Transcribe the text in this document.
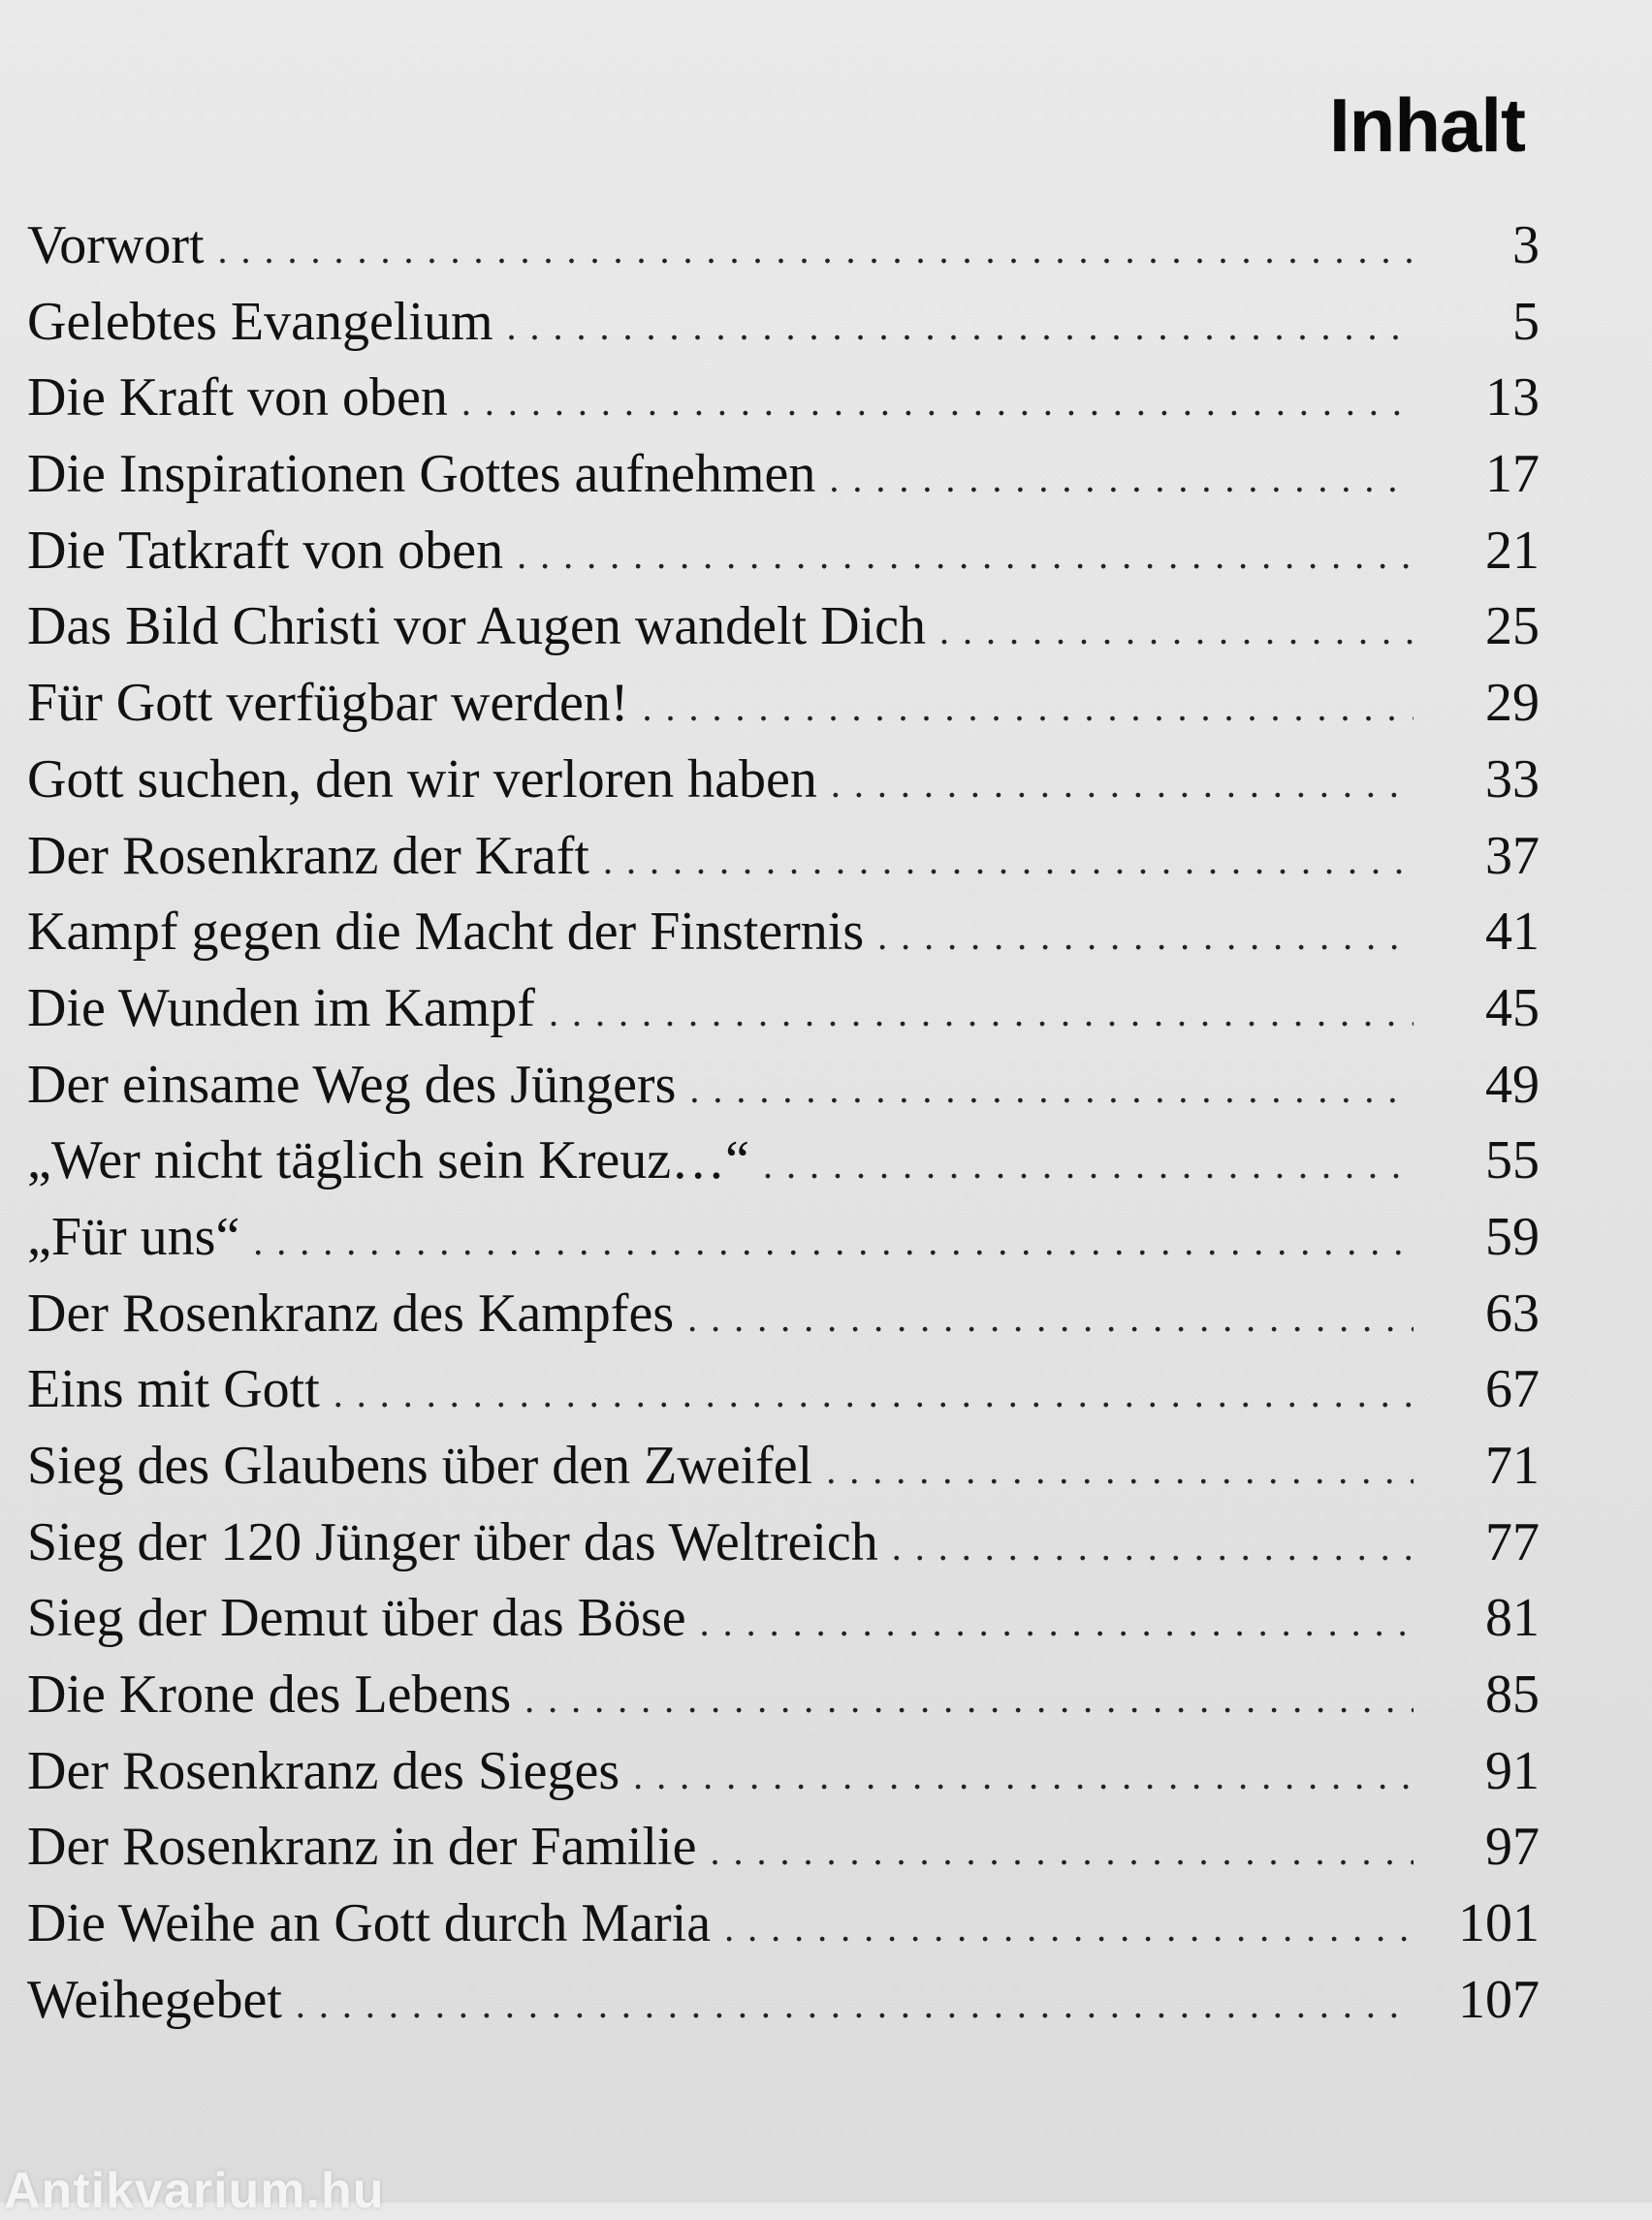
Inhalt
Vorwort . . .	3
Gelebtes Evangelium . . .	5
Die Kraft von oben . . .	13
Die Inspirationen Gottes aufnehmen . . .	17
Die Tatkraft von oben . . .	21
Das Bild Christi vor Augen wandelt Dich . . .	25
Für Gott verfügbar werden! . . .	29
Gott suchen, den wir verloren haben . . .	33
Der Rosenkranz der Kraft . . .	37
Kampf gegen die Macht der Finsternis . . .	41
Die Wunden im Kampf . . .	45
Der einsame Weg des Jüngers . . .	49
„Wer nicht täglich sein Kreuz…“ . . .	55
„Für uns“ . . .	59
Der Rosenkranz des Kampfes . . .	63
Eins mit Gott . . .	67
Sieg des Glaubens über den Zweifel . . .	71
Sieg der 120 Jünger über das Weltreich . . .	77
Sieg der Demut über das Böse . . .	81
Die Krone des Lebens . . .	85
Der Rosenkranz des Sieges . . .	91
Der Rosenkranz in der Familie . . .	97
Die Weihe an Gott durch Maria . . .	101
Weihegebet . . .	107
Antikvarium.hu
